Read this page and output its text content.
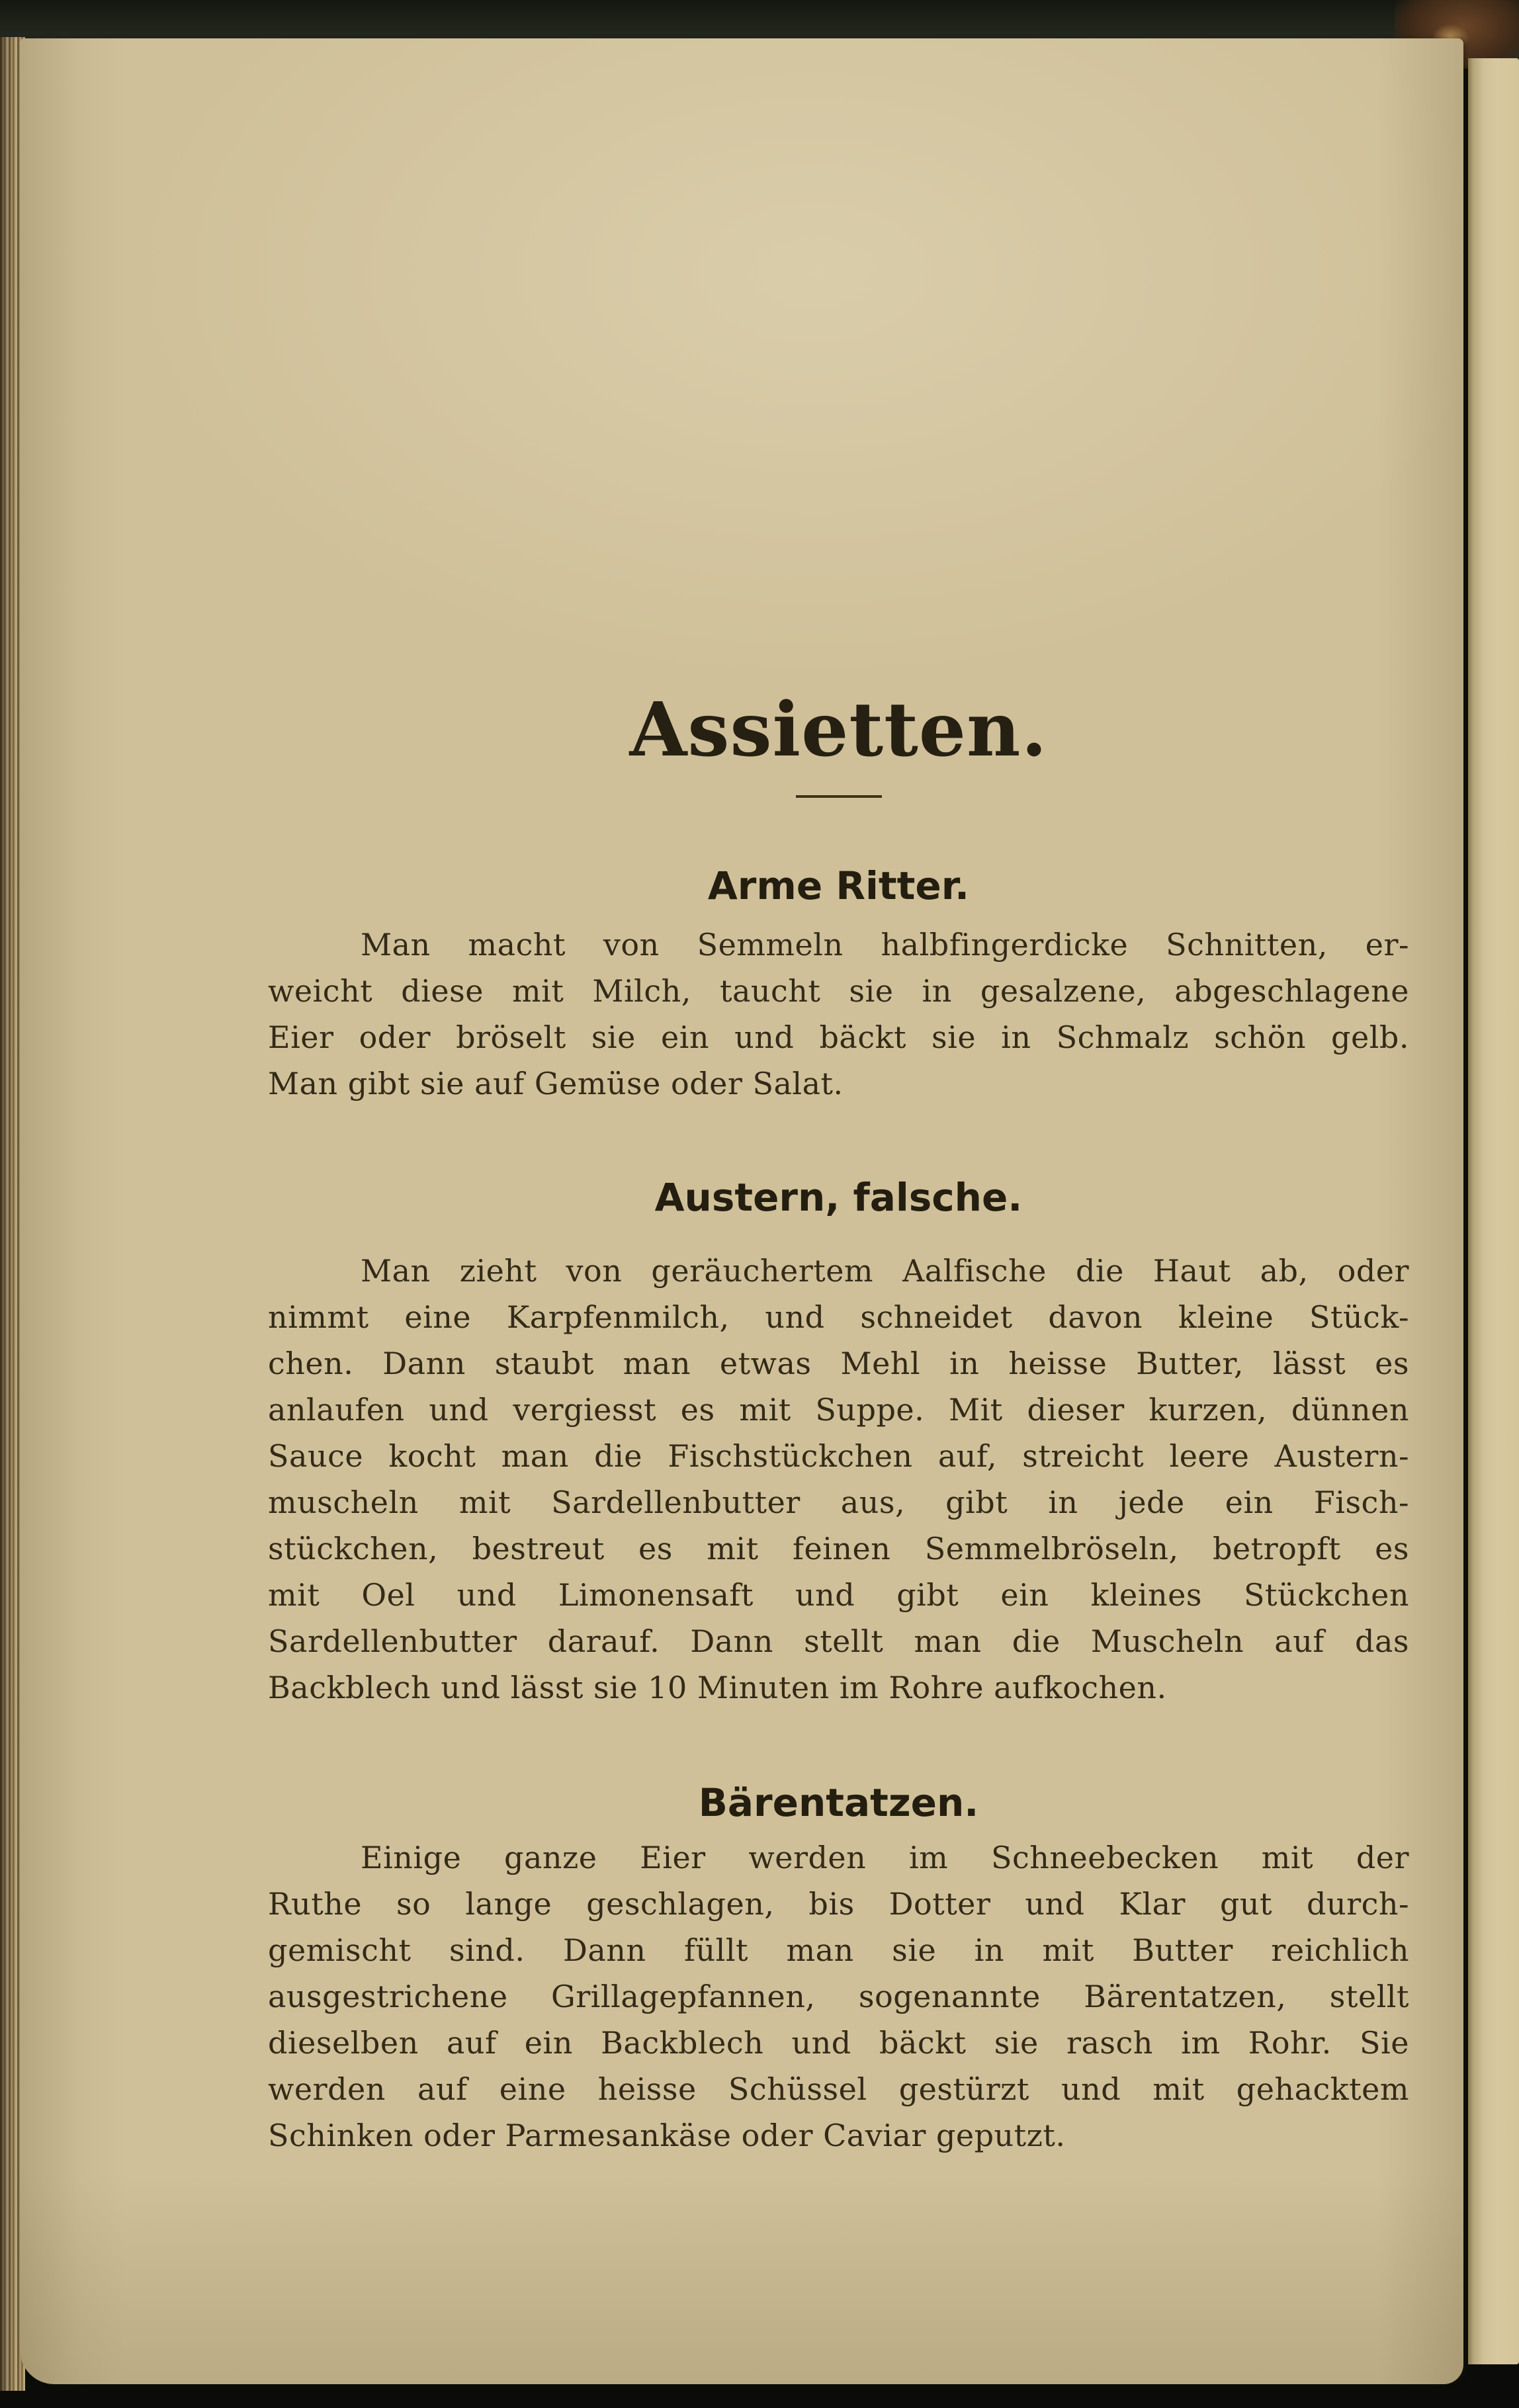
Assietten.
Arme Ritter.
Man macht von Semmeln halbfingerdicke Schnitten, er-
weicht diese mit Milch, taucht sie in gesalzene, abgeschlagene
Eier oder bröselt sie ein und bäckt sie in Schmalz schön gelb.
Man gibt sie auf Gemüse oder Salat.
Austern, falsche.
Man zieht von geräuchertem Aalfische die Haut ab, oder
nimmt eine Karpfenmilch, und schneidet davon kleine Stück-
chen. Dann staubt man etwas Mehl in heisse Butter, lässt es
anlaufen und vergiesst es mit Suppe. Mit dieser kurzen, dünnen
Sauce kocht man die Fischstückchen auf, streicht leere Austern-
muscheln mit Sardellenbutter aus, gibt in jede ein Fisch-
stückchen, bestreut es mit feinen Semmelbröseln, betropft es
mit Oel und Limonensaft und gibt ein kleines Stückchen
Sardellenbutter darauf. Dann stellt man die Muscheln auf das
Backblech und lässt sie 10 Minuten im Rohre aufkochen.
Bärentatzen.
Einige ganze Eier werden im Schneebecken mit der
Ruthe so lange geschlagen, bis Dotter und Klar gut durch-
gemischt sind. Dann füllt man sie in mit Butter reichlich
ausgestrichene Grillagepfannen, sogenannte Bärentatzen, stellt
dieselben auf ein Backblech und bäckt sie rasch im Rohr. Sie
werden auf eine heisse Schüssel gestürzt und mit gehacktem
Schinken oder Parmesankäse oder Caviar geputzt.
